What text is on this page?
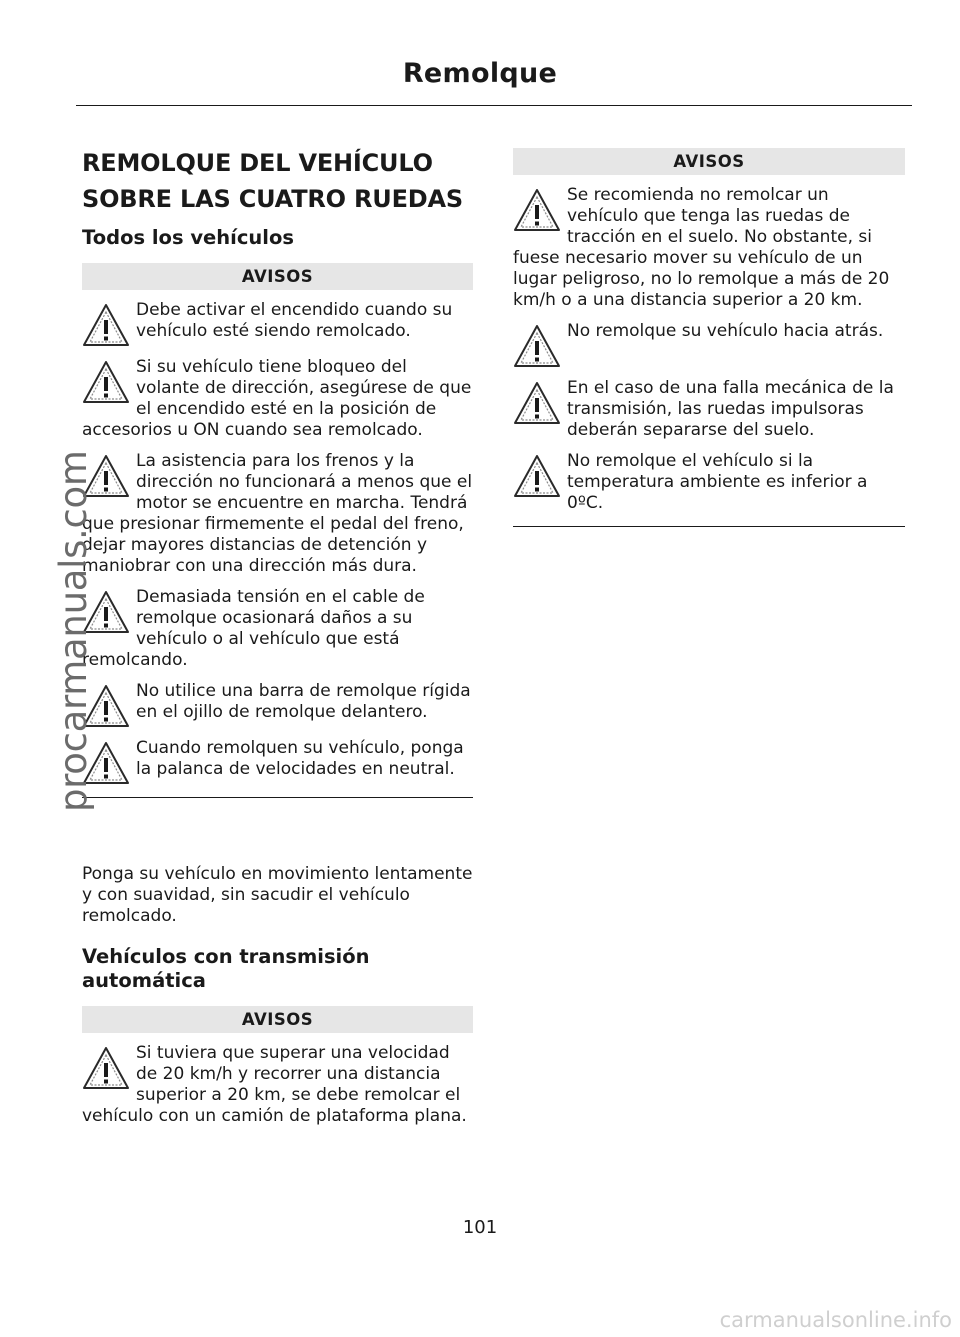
Remolque
REMOLQUE DEL VEHÍCULO SOBRE LAS CUATRO RUEDAS
Todos los vehículos
AVISOS

Debe activar el encendido cuando su vehículo esté siendo remolcado.

Si su vehículo tiene bloqueo del volante de dirección, asegúrese de que el encendido esté en la posición de accesorios u ON cuando sea remolcado.

La asistencia para los frenos y la dirección no funcionará a menos que el motor se encuentre en marcha. Tendrá que presionar firmemente el pedal del freno, dejar mayores distancias de detención y maniobrar con una dirección más dura.

Demasiada tensión en el cable de remolque ocasionará daños a su vehículo o al vehículo que está remolcando.

No utilice una barra de remolque rígida en el ojillo de remolque delantero.

Cuando remolquen su vehículo, ponga la palanca de velocidades en neutral.

Ponga su vehículo en movimiento lentamente y con suavidad, sin sacudir el vehículo remolcado.

Vehículos con transmisión automática
AVISOS

Si tuviera que superar una velocidad de 20 km/h y recorrer una distancia superior a 20 km, se debe remolcar el vehículo con un camión de plataforma plana.

AVISOS

Se recomienda no remolcar un vehículo que tenga las ruedas de tracción en el suelo. No obstante, si fuese necesario mover su vehículo de un lugar peligroso, no lo remolque a más de 20 km/h o a una distancia superior a 20 km.

No remolque su vehículo hacia atrás.

En el caso de una falla mecánica de la transmisión, las ruedas impulsoras deberán separarse del suelo.

No remolque el vehículo si la temperatura ambiente es inferior a 0ºC.

101
procarmanuals.com
carmanualsonline.info
